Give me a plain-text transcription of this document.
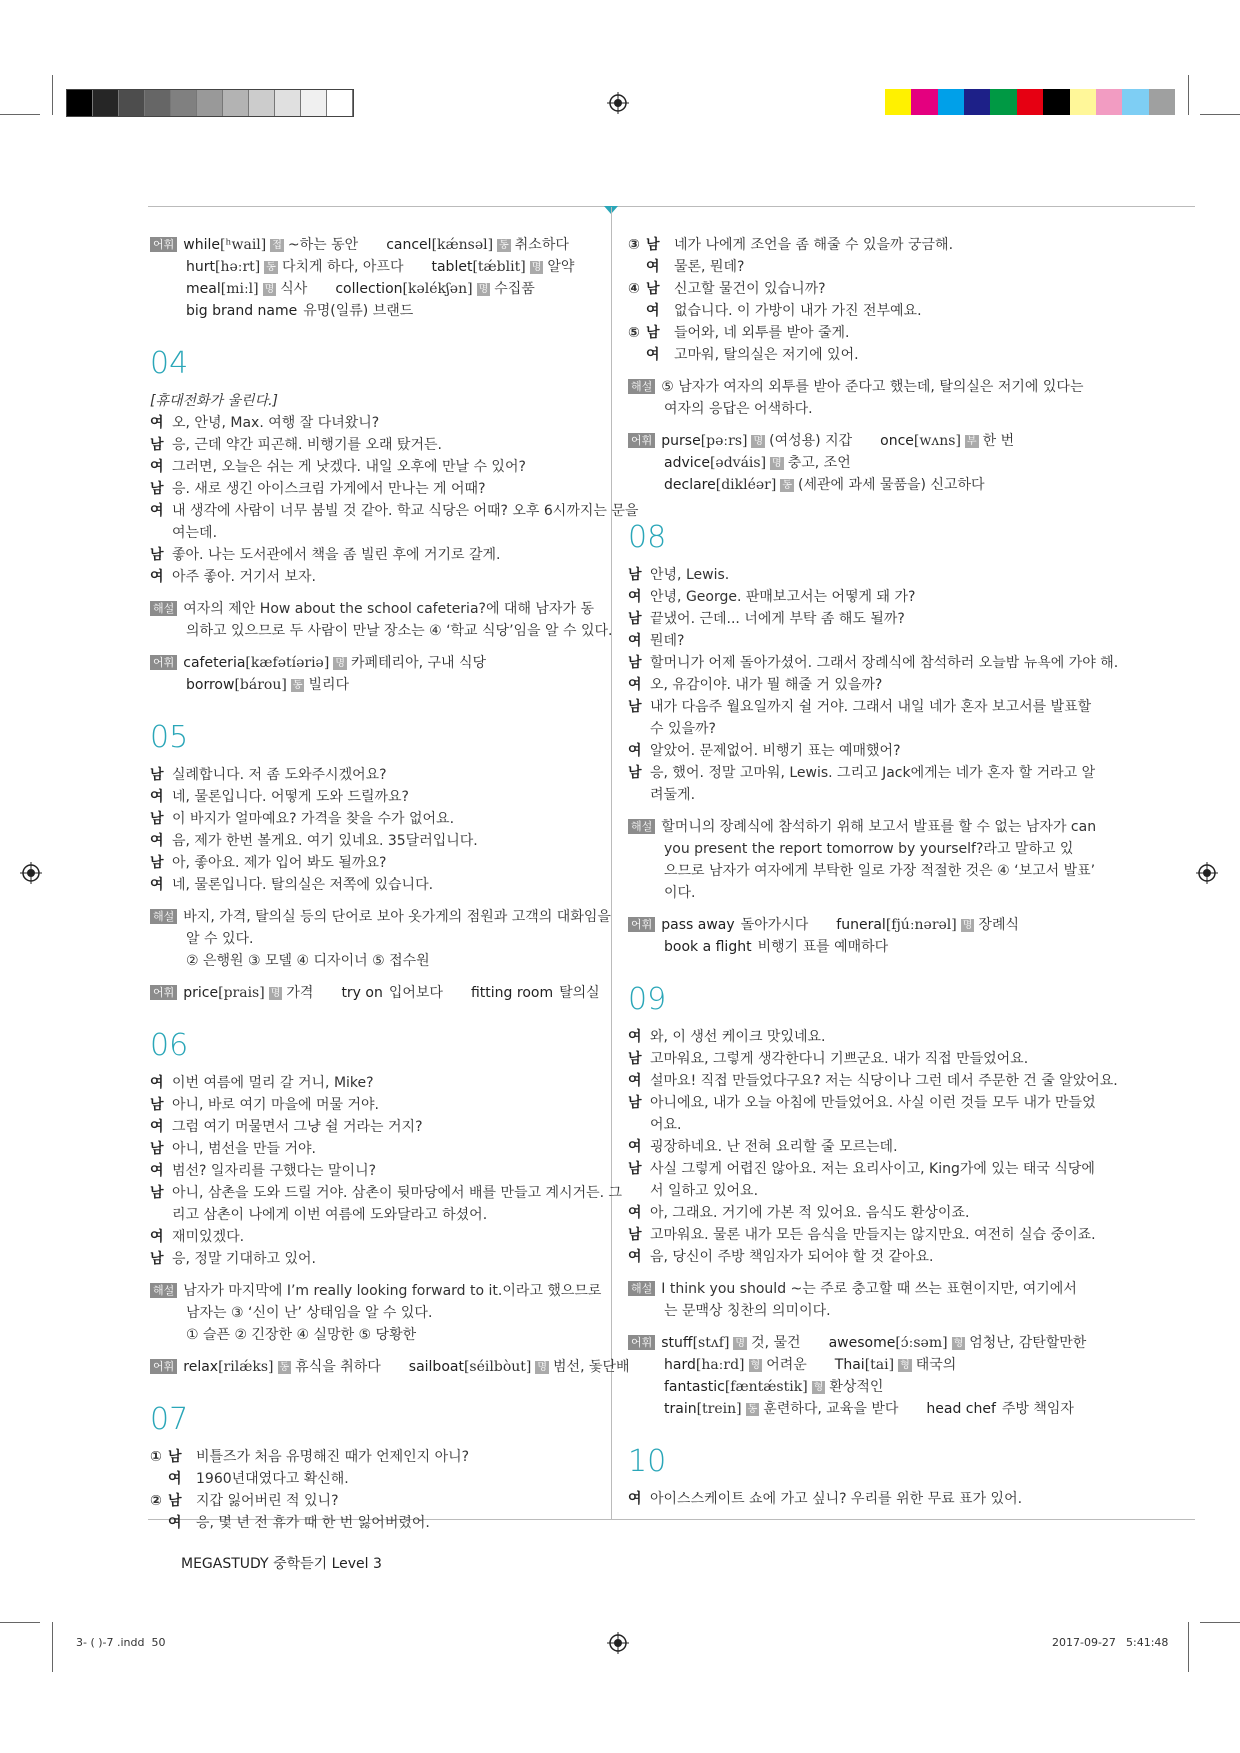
어휘 while[ʰwail] 접 ~하는 동안 cancel[kǽnsəl] 동 취소하다
hurt[həːrt] 동 다치게 하다, 아프다 tablet[tǽblit] 명 알약
meal[miːl] 명 식사 collection[kəlékʃən] 명 수집품
big brand name 유명(일류) 브랜드
04
[휴대전화가 울린다.]
여 오, 안녕, Max. 여행 잘 다녀왔니?
남 응, 근데 약간 피곤해. 비행기를 오래 탔거든.
여 그러면, 오늘은 쉬는 게 낫겠다. 내일 오후에 만날 수 있어?
남 응. 새로 생긴 아이스크림 가게에서 만나는 게 어때?
여 내 생각에 사람이 너무 붐빌 것 같아. 학교 식당은 어때? 오후 6시까지는 문을
여는데.
남 좋아. 나는 도서관에서 책을 좀 빌린 후에 거기로 갈게.
여 아주 좋아. 거기서 보자.
해설 여자의 제안 How about the school cafeteria?에 대해 남자가 동
의하고 있으므로 두 사람이 만날 장소는 ④ ‘학교 식당’임을 알 수 있다.
어휘 cafeteria[kæfətíəriə] 명 카페테리아, 구내 식당
borrow[bárou] 동 빌리다
05
남 실례합니다. 저 좀 도와주시겠어요?
여 네, 물론입니다. 어떻게 도와 드릴까요?
남 이 바지가 얼마예요? 가격을 찾을 수가 없어요.
여 음, 제가 한번 볼게요. 여기 있네요. 35달러입니다.
남 아, 좋아요. 제가 입어 봐도 될까요?
여 네, 물론입니다. 탈의실은 저쪽에 있습니다.
해설 바지, 가격, 탈의실 등의 단어로 보아 옷가게의 점원과 고객의 대화임을
알 수 있다.
② 은행원 ③ 모델 ④ 디자이너 ⑤ 접수원
어휘 price[prais] 명 가격 try on 입어보다 fitting room 탈의실
06
여 이번 여름에 멀리 갈 거니, Mike?
남 아니, 바로 여기 마을에 머물 거야.
여 그럼 여기 머물면서 그냥 쉴 거라는 거지?
남 아니, 범선을 만들 거야.
여 범선? 일자리를 구했다는 말이니?
남 아니, 삼촌을 도와 드릴 거야. 삼촌이 뒷마당에서 배를 만들고 계시거든. 그
리고 삼촌이 나에게 이번 여름에 도와달라고 하셨어.
여 재미있겠다.
남 응, 정말 기대하고 있어.
해설 남자가 마지막에 I’m really looking forward to it.이라고 했으므로
남자는 ③ ‘신이 난’ 상태임을 알 수 있다.
① 슬픈 ② 긴장한 ④ 실망한 ⑤ 당황한
어휘 relax[rilǽks] 동 휴식을 취하다 sailboat[séilbòut] 명 범선, 돛단배
07
① 남 비틀즈가 처음 유명해진 때가 언제인지 아니?
여 1960년대였다고 확신해.
② 남 지갑 잃어버린 적 있니?
여 응, 몇 년 전 휴가 때 한 번 잃어버렸어.
③ 남 네가 나에게 조언을 좀 해줄 수 있을까 궁금해.
여 물론, 뭔데?
④ 남 신고할 물건이 있습니까?
여 없습니다. 이 가방이 내가 가진 전부예요.
⑤ 남 들어와, 네 외투를 받아 줄게.
여 고마워, 탈의실은 저기에 있어.
해설 ⑤ 남자가 여자의 외투를 받아 준다고 했는데, 탈의실은 저기에 있다는
여자의 응답은 어색하다.
어휘 purse[pəːrs] 명 (여성용) 지갑 once[wʌns] 부 한 번
advice[ədváis] 명 충고, 조언
declare[dikléər] 동 (세관에 과세 물품을) 신고하다
08
남 안녕, Lewis.
여 안녕, George. 판매보고서는 어떻게 돼 가?
남 끝냈어. 근데... 너에게 부탁 좀 해도 될까?
여 뭔데?
남 할머니가 어제 돌아가셨어. 그래서 장례식에 참석하러 오늘밤 뉴욕에 가야 해.
여 오, 유감이야. 내가 뭘 해줄 거 있을까?
남 내가 다음주 월요일까지 쉴 거야. 그래서 내일 네가 혼자 보고서를 발표할
수 있을까?
여 알았어. 문제없어. 비행기 표는 예매했어?
남 응, 했어. 정말 고마워, Lewis. 그리고 Jack에게는 네가 혼자 할 거라고 알
려둘게.
해설 할머니의 장례식에 참석하기 위해 보고서 발표를 할 수 없는 남자가 can
you present the report tomorrow by yourself?라고 말하고 있
으므로 남자가 여자에게 부탁한 일로 가장 적절한 것은 ④ ‘보고서 발표’
이다.
어휘 pass away 돌아가시다 funeral[fjúːnərəl] 명 장례식
book a flight 비행기 표를 예매하다
09
여 와, 이 생선 케이크 맛있네요.
남 고마워요, 그렇게 생각한다니 기쁘군요. 내가 직접 만들었어요.
여 설마요! 직접 만들었다구요? 저는 식당이나 그런 데서 주문한 건 줄 알았어요.
남 아니에요, 내가 오늘 아침에 만들었어요. 사실 이런 것들 모두 내가 만들었
어요.
여 굉장하네요. 난 전혀 요리할 줄 모르는데.
남 사실 그렇게 어렵진 않아요. 저는 요리사이고, King가에 있는 태국 식당에
서 일하고 있어요.
여 아, 그래요. 거기에 가본 적 있어요. 음식도 환상이죠.
남 고마워요. 물론 내가 모든 음식을 만들지는 않지만요. 여전히 실습 중이죠.
여 음, 당신이 주방 책임자가 되어야 할 것 같아요.
해설 I think you should ~는 주로 충고할 때 쓰는 표현이지만, 여기에서
는 문맥상 칭찬의 의미이다.
어휘 stuff[stʌf] 명 것, 물건 awesome[ɔ́ːsəm] 형 엄청난, 감탄할만한
hard[haːrd] 형 어려운 Thai[tai] 형 태국의
fantastic[fæntǽstik] 형 환상적인
train[trein] 동 훈련하다, 교육을 받다 head chef 주방 책임자
10
여 아이스스케이트 쇼에 가고 싶니? 우리를 위한 무료 표가 있어.
MEGASTUDY 중학듣기 Level 3
3- ( )-7 .indd  50	2017-09-27 5:41:48
